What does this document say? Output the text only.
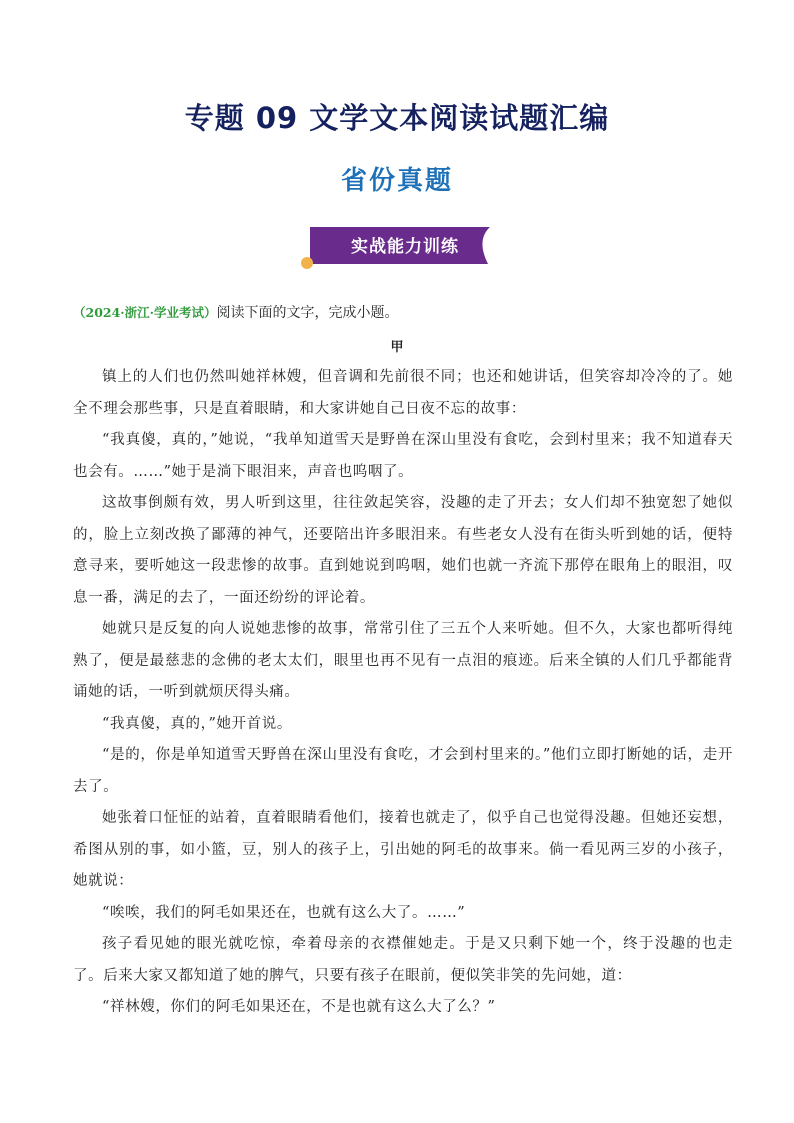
专题 09 文学文本阅读试题汇编
省份真题
实战能力训练
（2024·浙江·学业考试）阅读下面的文字，完成小题。
甲

镇上的人们也仍然叫她祥林嫂，但音调和先前很不同；也还和她讲话，但笑容却冷冷的了。她全不理会那些事，只是直着眼睛，和大家讲她自己日夜不忘的故事：

“我真傻，真的，”她说，“我单知道雪天是野兽在深山里没有食吃，会到村里来；我不知道春天也会有。……”她于是淌下眼泪来，声音也呜咽了。

这故事倒颇有效，男人听到这里，往往敛起笑容，没趣的走了开去；女人们却不独宽恕了她似的，脸上立刻改换了鄙薄的神气，还要陪出许多眼泪来。有些老女人没有在街头听到她的话，便特意寻来，要听她这一段悲惨的故事。直到她说到呜咽，她们也就一齐流下那停在眼角上的眼泪，叹息一番，满足的去了，一面还纷纷的评论着。

她就只是反复的向人说她悲惨的故事，常常引住了三五个人来听她。但不久，大家也都听得纯熟了，便是最慈悲的念佛的老太太们，眼里也再不见有一点泪的痕迹。后来全镇的人们几乎都能背诵她的话，一听到就烦厌得头痛。

“我真傻，真的，”她开首说。

“是的，你是单知道雪天野兽在深山里没有食吃，才会到村里来的。”他们立即打断她的话，走开去了。

她张着口怔怔的站着，直着眼睛看他们，接着也就走了，似乎自己也觉得没趣。但她还妄想，希图从别的事，如小篮，豆，别人的孩子上，引出她的阿毛的故事来。倘一看见两三岁的小孩子，她就说：

“唉唉，我们的阿毛如果还在，也就有这么大了。……”

孩子看见她的眼光就吃惊，牵着母亲的衣襟催她走。于是又只剩下她一个，终于没趣的也走了。后来大家又都知道了她的脾气，只要有孩子在眼前，便似笑非笑的先问她，道：

“祥林嫂，你们的阿毛如果还在，不是也就有这么大了么？”
